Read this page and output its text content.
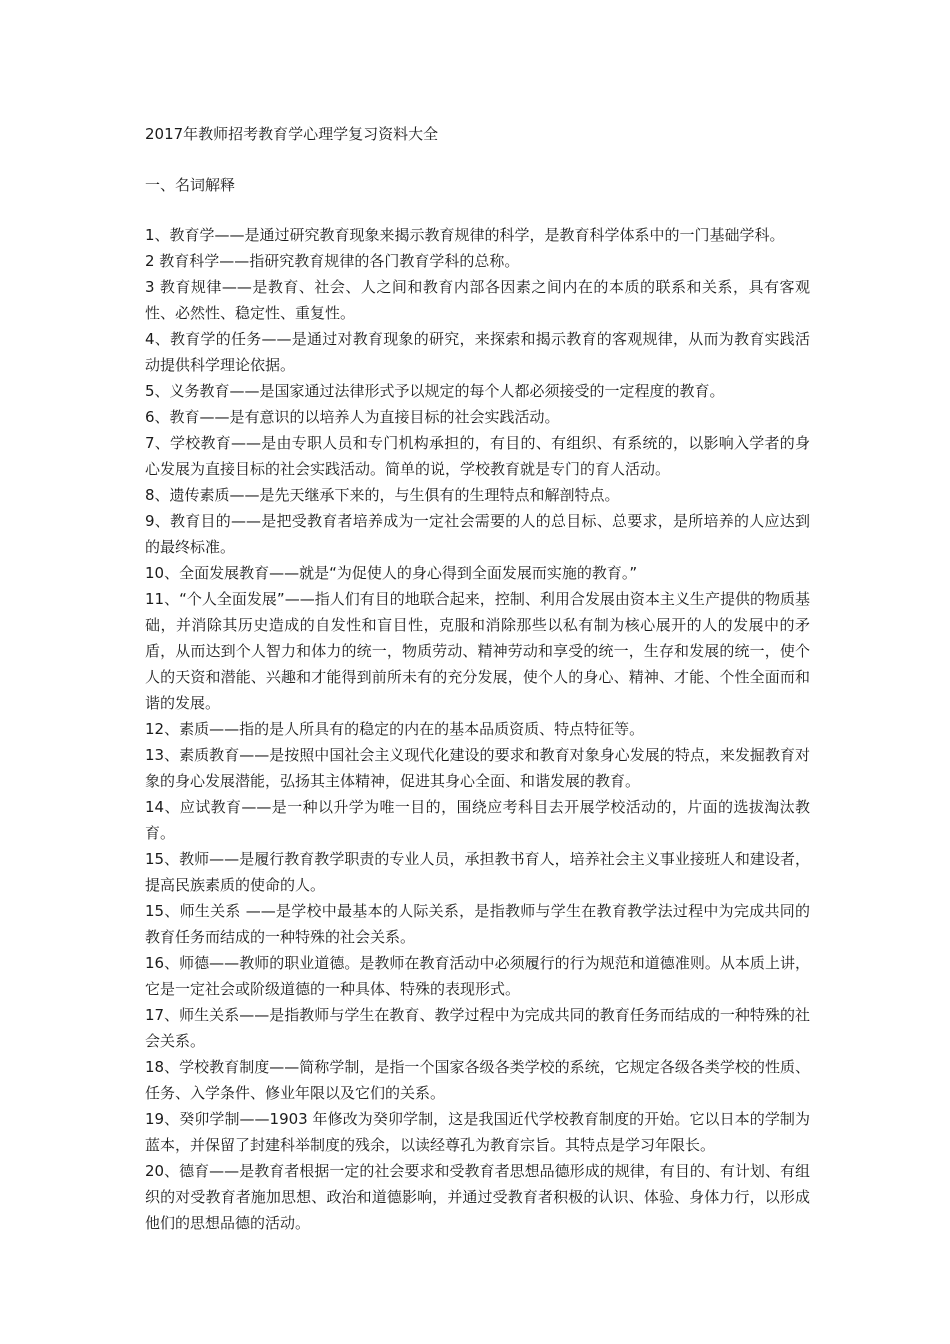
2017年教师招考教育学心理学复习资料大全

一、名词解释

1、教育学——是通过研究教育现象来揭示教育规律的科学，是教育科学体系中的一门基础学科。

2 教育科学——指研究教育规律的各门教育学科的总称。

3 教育规律——是教育、社会、人之间和教育内部各因素之间内在的本质的联系和关系，具有客观性、必然性、稳定性、重复性。

4、教育学的任务——是通过对教育现象的研究，来探索和揭示教育的客观规律，从而为教育实践活动提供科学理论依据。

5、义务教育——是国家通过法律形式予以规定的每个人都必须接受的一定程度的教育。

6、教育——是有意识的以培养人为直接目标的社会实践活动。

7、学校教育——是由专职人员和专门机构承担的，有目的、有组织、有系统的，以影响入学者的身心发展为直接目标的社会实践活动。简单的说，学校教育就是专门的育人活动。

8、遗传素质——是先天继承下来的，与生俱有的生理特点和解剖特点。

9、教育目的——是把受教育者培养成为一定社会需要的人的总目标、总要求，是所培养的人应达到的最终标准。

10、全面发展教育——就是“为促使人的身心得到全面发展而实施的教育。”

11、“个人全面发展”——指人们有目的地联合起来，控制、利用合发展由资本主义生产提供的物质基础，并消除其历史造成的自发性和盲目性，克服和消除那些以私有制为核心展开的人的发展中的矛盾，从而达到个人智力和体力的统一，物质劳动、精神劳动和享受的统一，生存和发展的统一，使个人的天资和潜能、兴趣和才能得到前所未有的充分发展，使个人的身心、精神、才能、个性全面而和谐的发展。

12、素质——指的是人所具有的稳定的内在的基本品质资质、特点特征等。

13、素质教育——是按照中国社会主义现代化建设的要求和教育对象身心发展的特点，来发掘教育对象的身心发展潜能，弘扬其主体精神，促进其身心全面、和谐发展的教育。

14、应试教育——是一种以升学为唯一目的，围绕应考科目去开展学校活动的，片面的选拔淘汰教育。

15、教师——是履行教育教学职责的专业人员，承担教书育人，培养社会主义事业接班人和建设者，提高民族素质的使命的人。

15、师生关系 ——是学校中最基本的人际关系，是指教师与学生在教育教学法过程中为完成共同的教育任务而结成的一种特殊的社会关系。

16、师德——教师的职业道德。是教师在教育活动中必须履行的行为规范和道德准则。从本质上讲，它是一定社会或阶级道德的一种具体、特殊的表现形式。

17、师生关系——是指教师与学生在教育、教学过程中为完成共同的教育任务而结成的一种特殊的社会关系。

18、学校教育制度——简称学制，是指一个国家各级各类学校的系统，它规定各级各类学校的性质、任务、入学条件、修业年限以及它们的关系。

19、癸卯学制——1903 年修改为癸卯学制，这是我国近代学校教育制度的开始。它以日本的学制为蓝本，并保留了封建科举制度的残余，以读经尊孔为教育宗旨。其特点是学习年限长。

20、德育——是教育者根据一定的社会要求和受教育者思想品德形成的规律，有目的、有计划、有组织的对受教育者施加思想、政治和道德影响，并通过受教育者积极的认识、体验、身体力行，以形成他们的思想品德的活动。
